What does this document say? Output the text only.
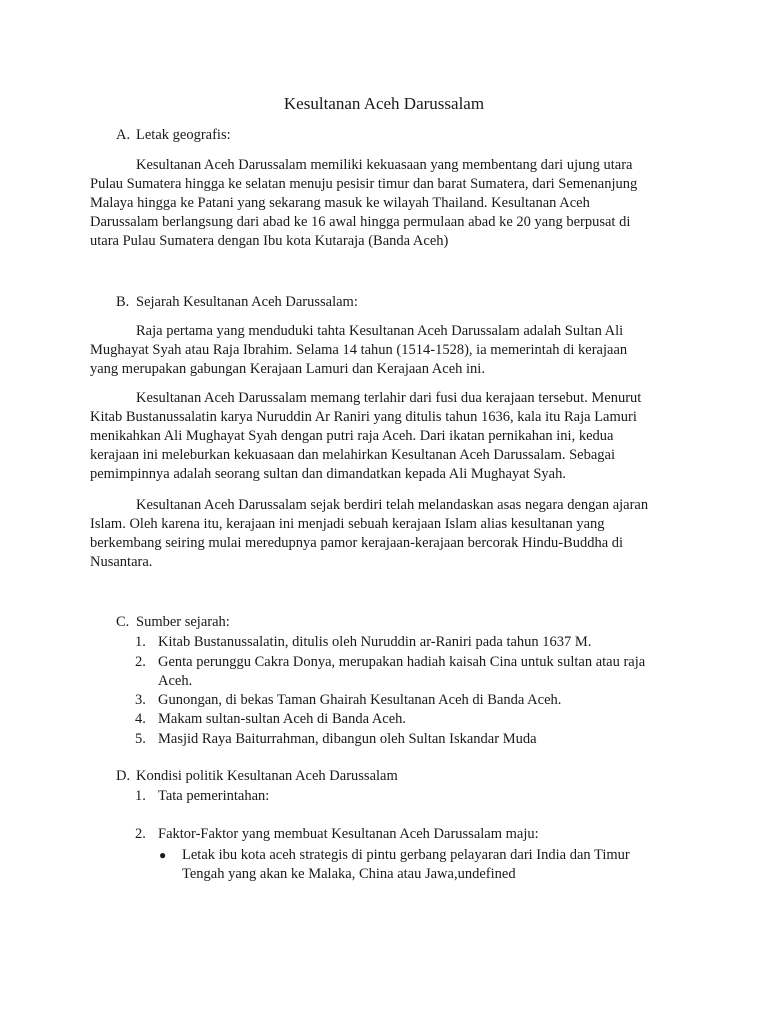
Kesultanan Aceh Darussalam
A. Letak geografis:

Kesultanan Aceh Darussalam memiliki kekuasaan yang membentang dari ujung utara
Pulau Sumatera hingga ke selatan menuju pesisir timur dan barat Sumatera, dari Semenanjung
Malaya hingga ke Patani yang sekarang masuk ke wilayah Thailand. Kesultanan Aceh
Darussalam berlangsung dari abad ke 16 awal hingga permulaan abad ke 20 yang berpusat di
utara Pulau Sumatera dengan Ibu kota Kutaraja (Banda Aceh)

B. Sejarah Kesultanan Aceh Darussalam:

Raja pertama yang menduduki tahta Kesultanan Aceh Darussalam adalah Sultan Ali
Mughayat Syah atau Raja Ibrahim. Selama 14 tahun (1514-1528), ia memerintah di kerajaan
yang merupakan gabungan Kerajaan Lamuri dan Kerajaan Aceh ini.

Kesultanan Aceh Darussalam memang terlahir dari fusi dua kerajaan tersebut. Menurut
Kitab Bustanussalatin karya Nuruddin Ar Raniri yang ditulis tahun 1636, kala itu Raja Lamuri
menikahkan Ali Mughayat Syah dengan putri raja Aceh. Dari ikatan pernikahan ini, kedua
kerajaan ini meleburkan kekuasaan dan melahirkan Kesultanan Aceh Darussalam. Sebagai
pemimpinnya adalah seorang sultan dan dimandatkan kepada Ali Mughayat Syah.

Kesultanan Aceh Darussalam sejak berdiri telah melandaskan asas negara dengan ajaran
Islam. Oleh karena itu, kerajaan ini menjadi sebuah kerajaan Islam alias kesultanan yang
berkembang seiring mulai meredupnya pamor kerajaan-kerajaan bercorak Hindu-Buddha di
Nusantara.

C. Sumber sejarah:
1. Kitab Bustanussalatin, ditulis oleh Nuruddin ar-Raniri pada tahun 1637 M.
2. Genta perunggu Cakra Donya, merupakan hadiah kaisah Cina untuk sultan atau raja
Aceh.
3. Gunongan, di bekas Taman Ghairah Kesultanan Aceh di Banda Aceh.
4. Makam sultan-sultan Aceh di Banda Aceh.
5. Masjid Raya Baiturrahman, dibangun oleh Sultan Iskandar Muda
D. Kondisi politik Kesultanan Aceh Darussalam
1. Tata pemerintahan:
2. Faktor-Faktor yang membuat Kesultanan Aceh Darussalam maju:
● Letak ibu kota aceh strategis di pintu gerbang pelayaran dari India dan Timur
Tengah yang akan ke Malaka, China atau Jawa,undefined
